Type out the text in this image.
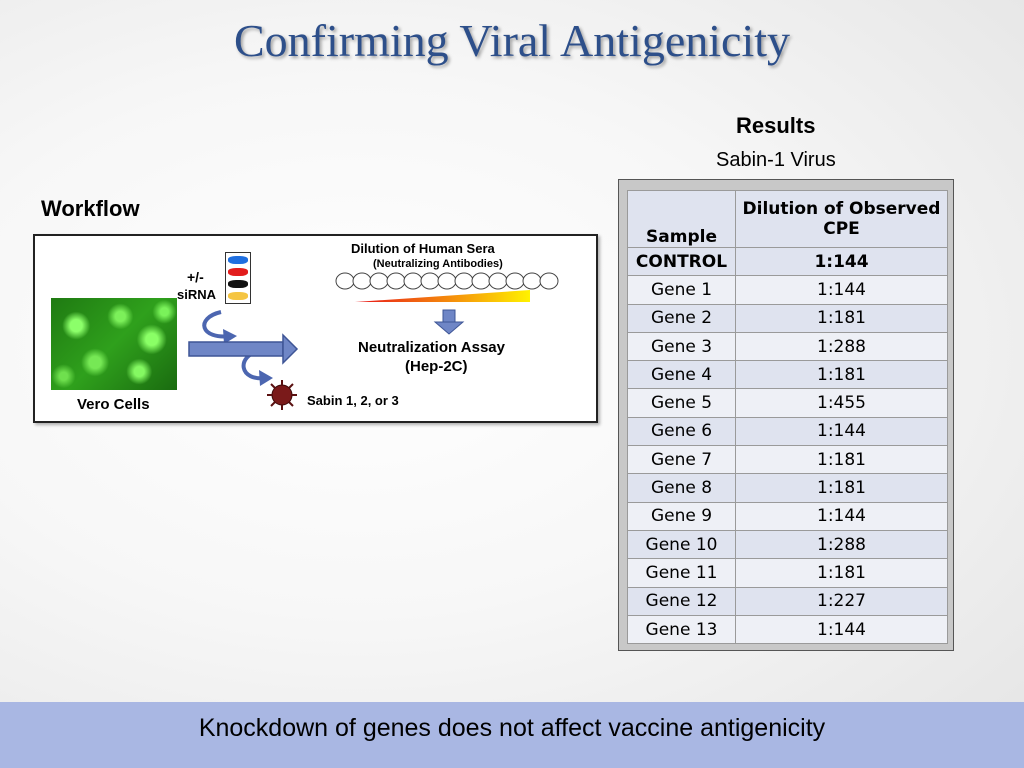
Confirming Viral Antigenicity
Results
Sabin-1 Virus
Workflow
Vero Cells
+/-
siRNA
Dilution of Human Sera
(Neutralizing Antibodies)
Neutralization Assay
(Hep-2C)
Sabin 1, 2, or 3
Sample	Dilution of Observed CPE
CONTROL	1:144
Gene 1	1:144
Gene 2	1:181
Gene 3	1:288
Gene 4	1:181
Gene 5	1:455
Gene 6	1:144
Gene 7	1:181
Gene 8	1:181
Gene 9	1:144
Gene 10	1:288
Gene 11	1:181
Gene 12	1:227
Gene 13	1:144
Knockdown of genes does not affect vaccine antigenicity
